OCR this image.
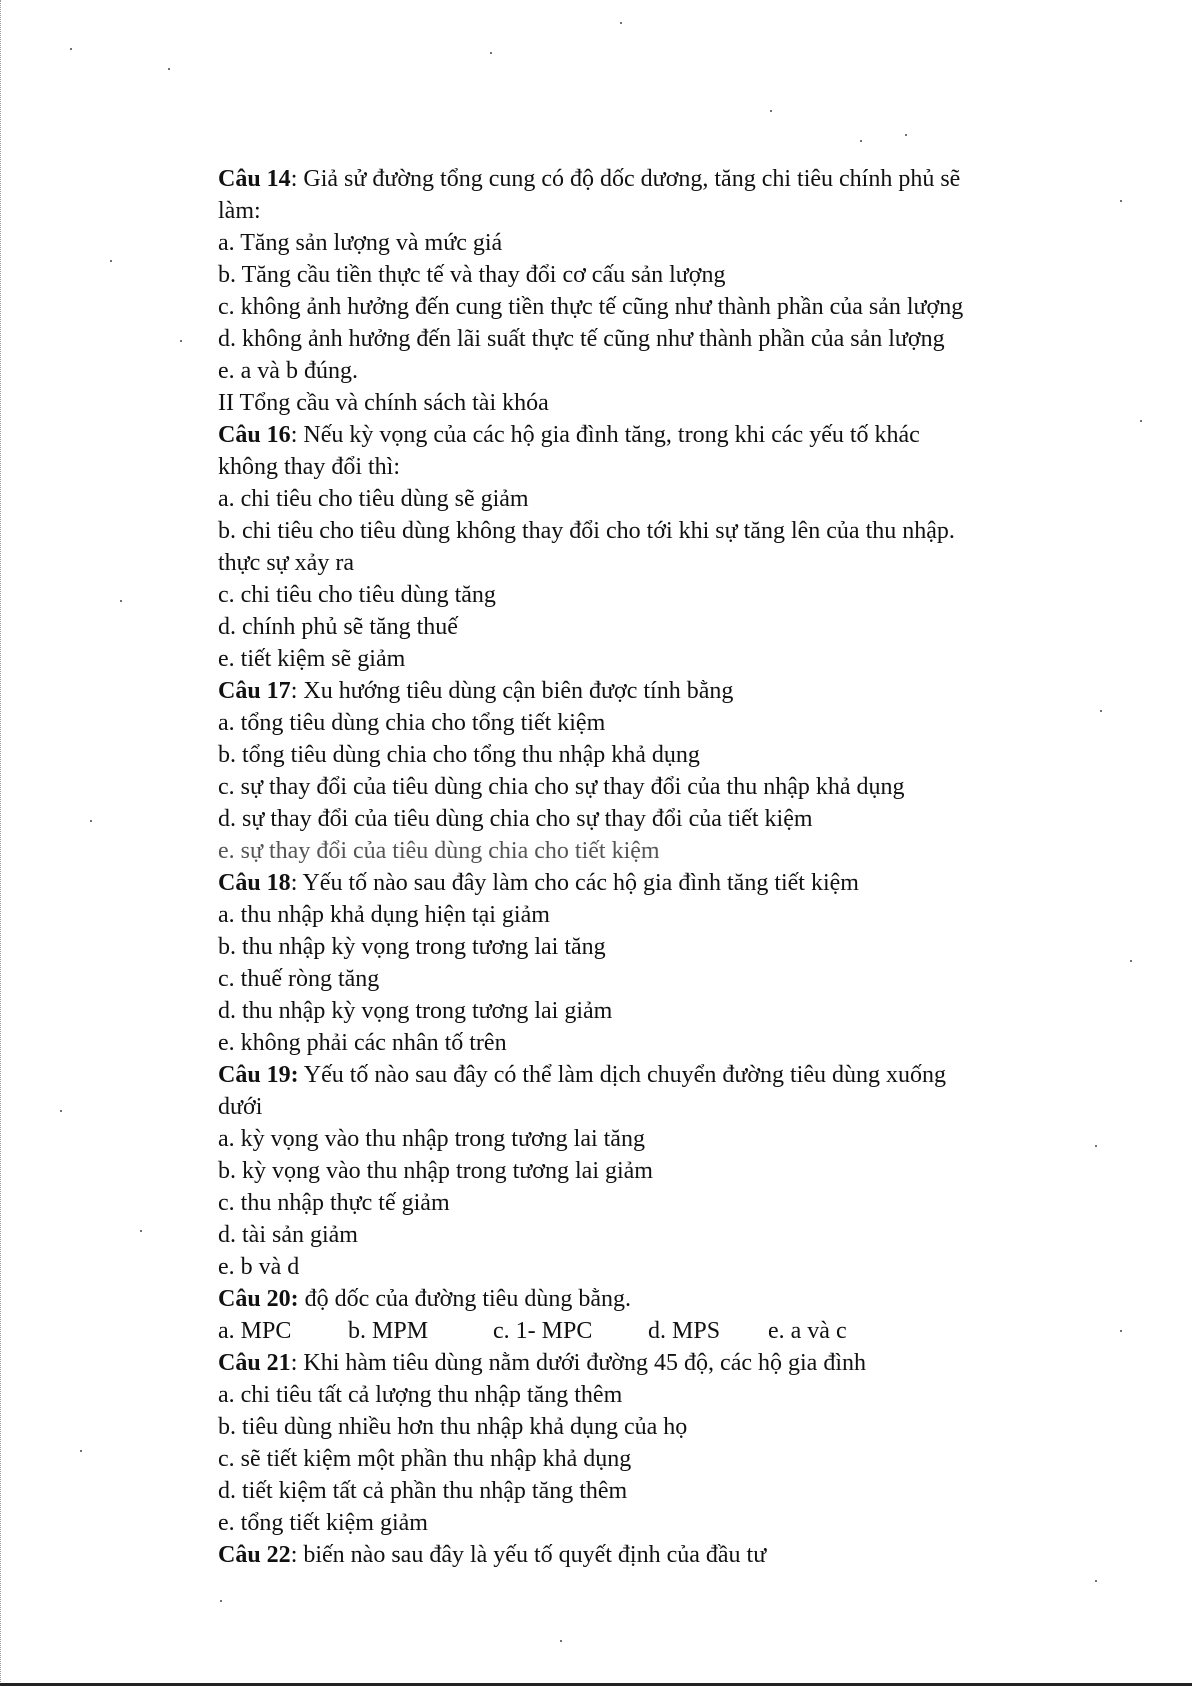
Câu 14: Giả sử đường tổng cung có độ dốc dương, tăng chi tiêu chính phủ sẽ
làm:
a. Tăng sản lượng và mức giá
b. Tăng cầu tiền thực tế và thay đổi cơ cấu sản lượng
c. không ảnh hưởng đến cung tiền thực tế cũng như thành phần của sản lượng
d. không ảnh hưởng đến lãi suất thực tế cũng như thành phần của sản lượng
e. a và b đúng.
II Tổng cầu và chính sách tài khóa
Câu 16: Nếu kỳ vọng của các hộ gia đình tăng, trong khi các yếu tố khác
không thay đổi thì:
a. chi tiêu cho tiêu dùng sẽ giảm
b. chi tiêu cho tiêu dùng không thay đổi cho tới khi sự tăng lên của thu nhập.
thực sự xảy ra
c. chi tiêu cho tiêu dùng tăng
d. chính phủ sẽ tăng thuế
e. tiết kiệm sẽ giảm
Câu 17: Xu hướng tiêu dùng cận biên được tính bằng
a. tổng tiêu dùng chia cho tổng tiết kiệm
b. tổng tiêu dùng chia cho tổng thu nhập khả dụng
c. sự thay đổi của tiêu dùng chia cho sự thay đổi của thu nhập khả dụng
d. sự thay đổi của tiêu dùng chia cho sự thay đổi của tiết kiệm
e. sự thay đổi của tiêu dùng chia cho tiết kiệm
Câu 18: Yếu tố nào sau đây làm cho các hộ gia đình tăng tiết kiệm
a. thu nhập khả dụng hiện tại giảm
b. thu nhập kỳ vọng trong tương lai tăng
c. thuế ròng tăng
d. thu nhập kỳ vọng trong tương lai giảm
e. không phải các nhân tố trên
Câu 19: Yếu tố nào sau đây có thể làm dịch chuyển đường tiêu dùng xuống
dưới
a. kỳ vọng vào thu nhập trong tương lai tăng
b. kỳ vọng vào thu nhập trong tương lai giảm
c. thu nhập thực tế giảm
d. tài sản giảm
e. b và d
Câu 20: độ dốc của đường tiêu dùng bằng.
a. MPC b. MPM	c. 1- MPC d. MPS e. a và c
Câu 21: Khi hàm tiêu dùng nằm dưới đường 45 độ, các hộ gia đình
a. chi tiêu tất cả lượng thu nhập tăng thêm
b. tiêu dùng nhiều hơn thu nhập khả dụng của họ
c. sẽ tiết kiệm một phần thu nhập khả dụng
d. tiết kiệm tất cả phần thu nhập tăng thêm
e. tổng tiết kiệm giảm
Câu 22: biến nào sau đây là yếu tố quyết định của đầu tư
